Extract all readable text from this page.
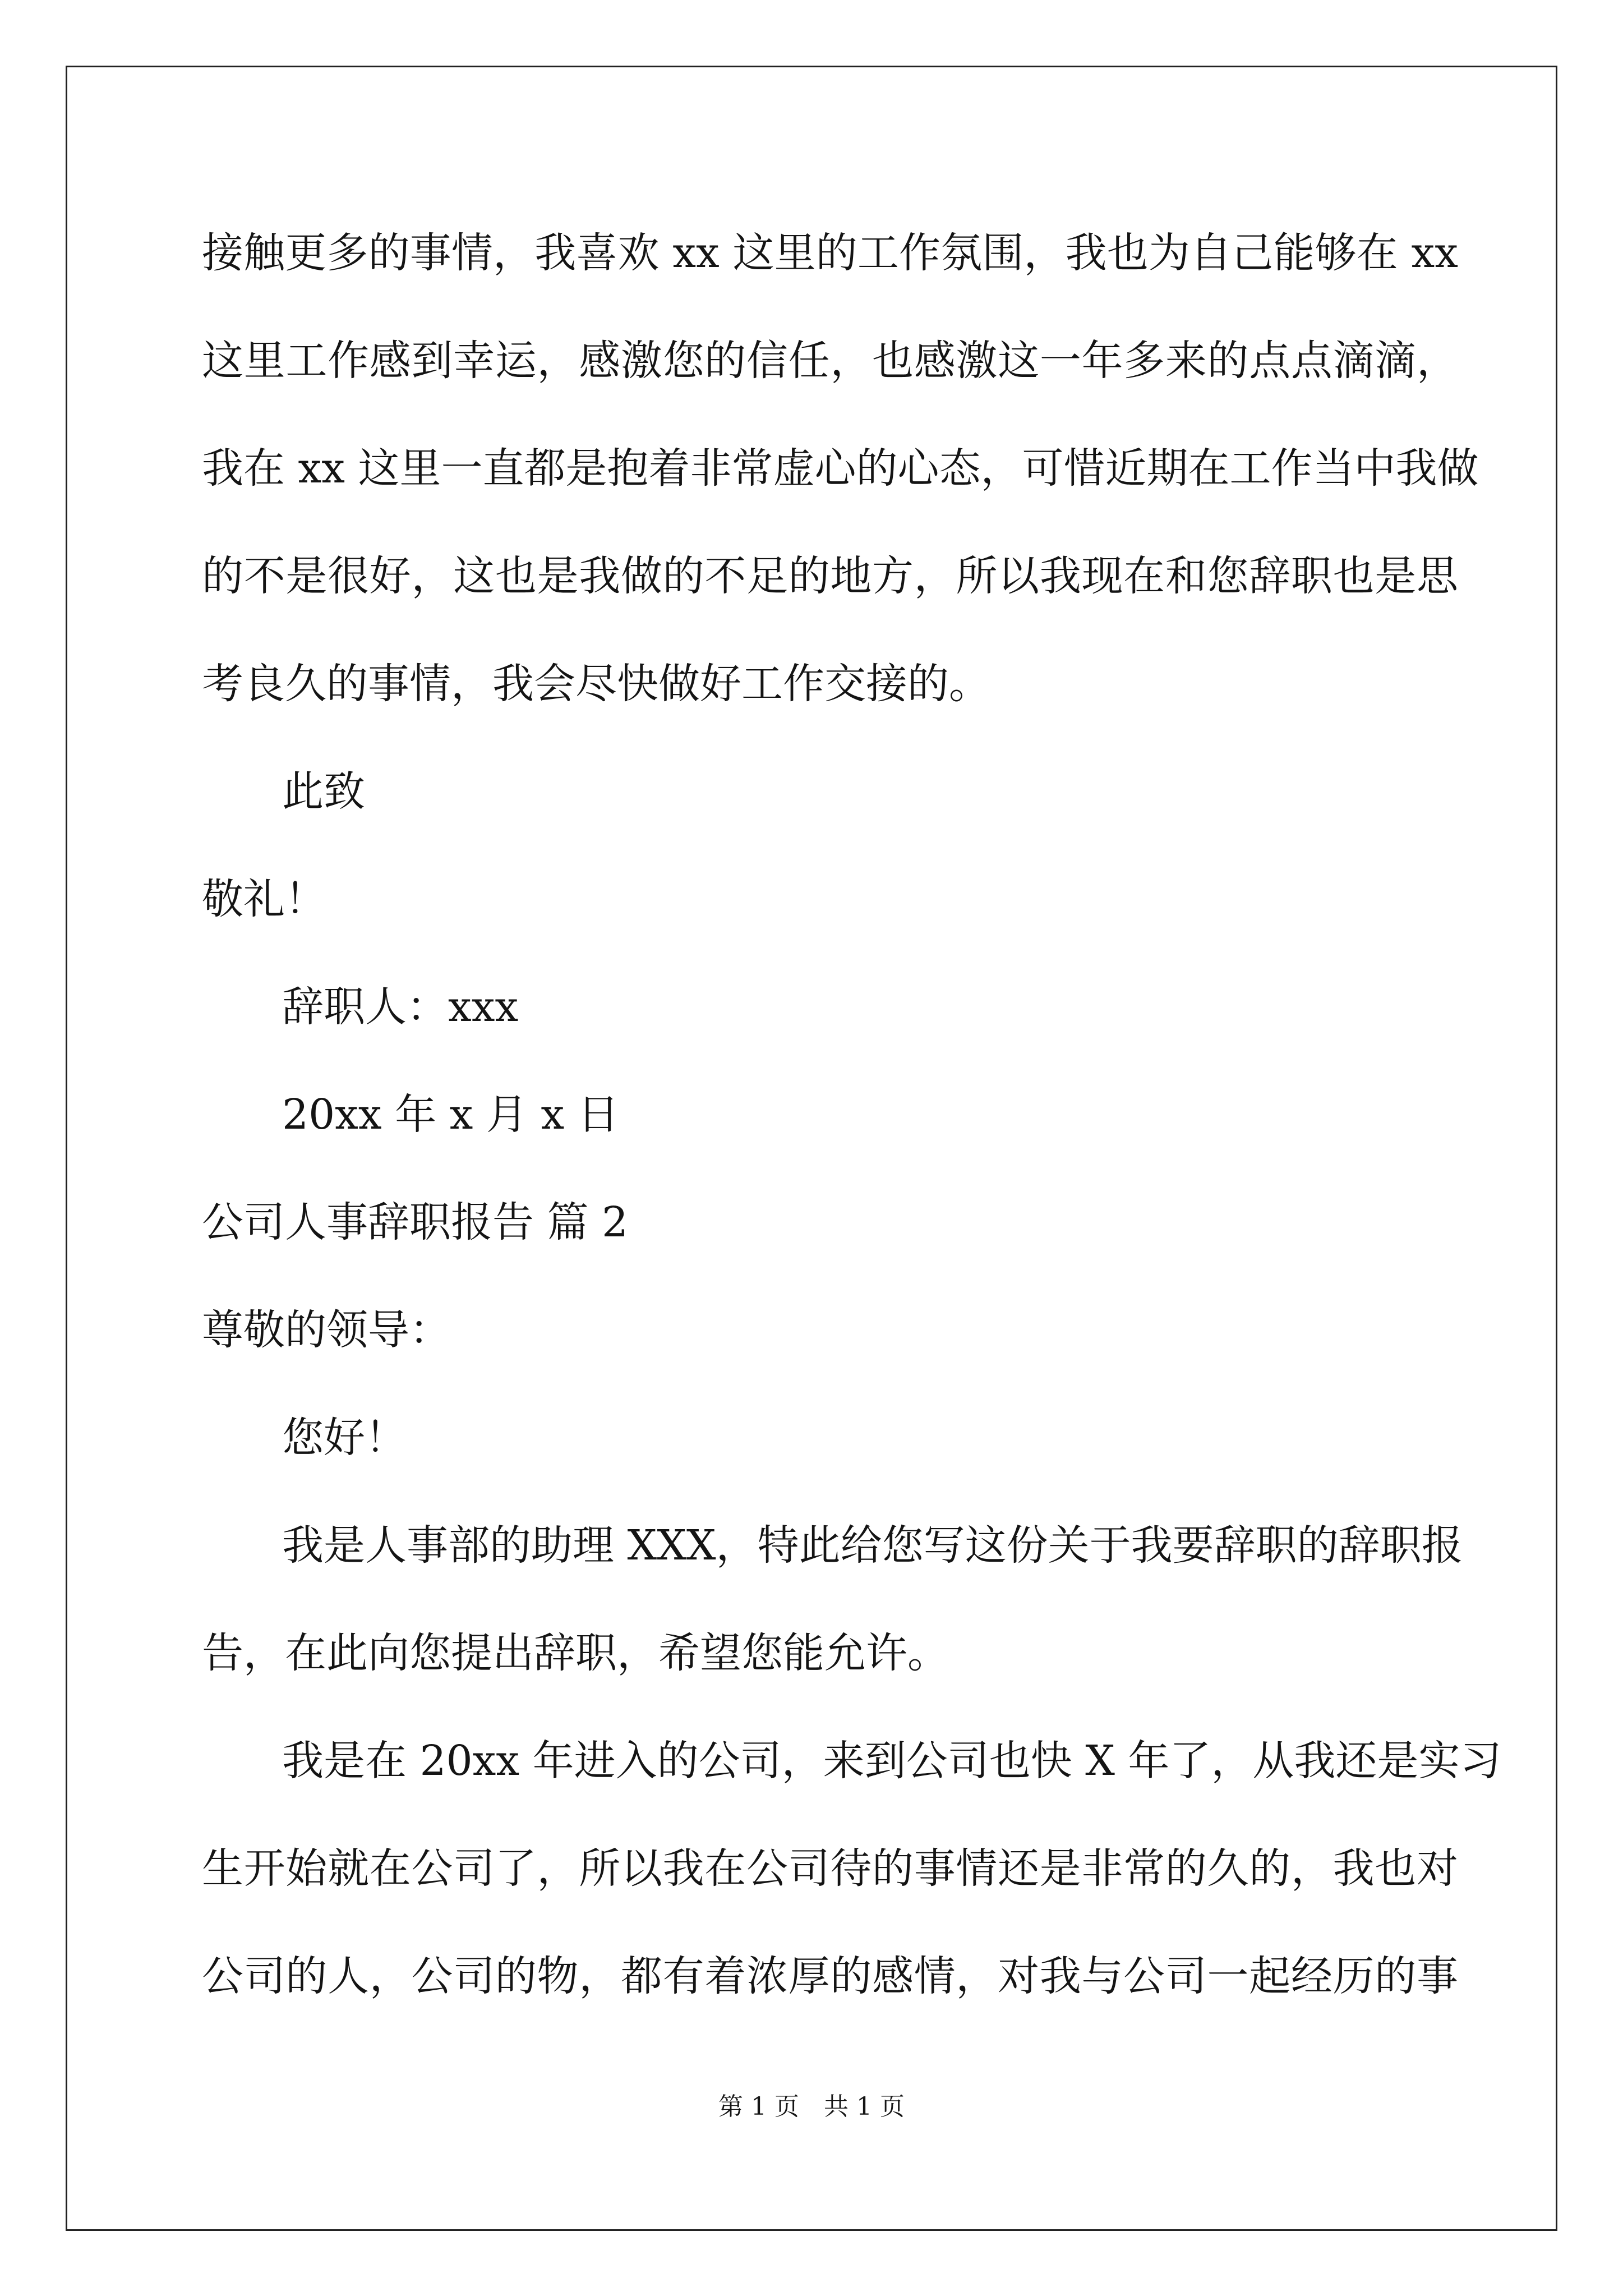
接触更多的事情，我喜欢 xx 这里的工作氛围，我也为自己能够在 xx
这里工作感到幸运，感激您的信任，也感激这一年多来的点点滴滴，
我在 xx 这里一直都是抱着非常虚心的心态，可惜近期在工作当中我做
的不是很好，这也是我做的不足的地方，所以我现在和您辞职也是思
考良久的事情，我会尽快做好工作交接的。
此致
敬礼！
辞职人：xxx
20xx 年 x 月 x 日
公司人事辞职报告 篇 2
尊敬的领导：
您好！
我是人事部的助理 XXX，特此给您写这份关于我要辞职的辞职报
告，在此向您提出辞职，希望您能允许。
我是在 20xx 年进入的公司，来到公司也快 X 年了，从我还是实习
生开始就在公司了，所以我在公司待的事情还是非常的久的，我也对
公司的人，公司的物，都有着浓厚的感情，对我与公司一起经历的事
第 1 页　共 1 页
